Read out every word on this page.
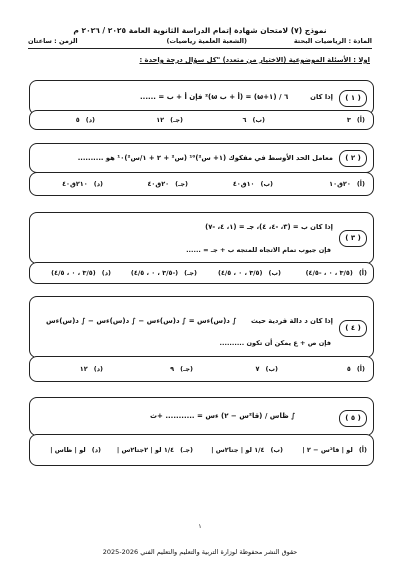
نموذج (٧) لامتحان شهادة إتمام الدراسة الثانوية العامة ٢٠٢٥ / ٢٠٢٦ م
المادة : الرياضيات البحتة
(الشعبة العلمية رياضيات)
الزمن : ساعتان
اولا : الأسئلة الموضوعية (الاختيار من متعدد) "كل سؤال درجة واحدة :
( ١ )
إذا كان
٦ / (١+ω) = (أ + ب ω)² فإن أ + ب = ......
(أ)
٣
(ب)
٦
(جـ)
١٢
(د)
٥
( ٢ )
معامل الحد الأوسط في مفكوك (١+ س²)¹⁰ (س² + ٢ + ١/س²)¹٠ هو ..........
(أ)
٢٠ق١٠
(ب)
١٠ق٤٠
(جـ)
٢٠ق٤٠
(د)
٢١٠ق٤٠
( ٣ )
إذا كان ب = (٣، -٤، ٤)، جـ = (١، ٤، -٧)
فإن جيوب تمام الاتجاه للمتجه ب + جـ = ......
(أ)
(٣/٥ ، ٠ ، -٤/٥)
(ب)
(٣/٥ ، ٠ ، ٤/٥)
(جـ)
(-٣/٥ ، ٠ ، ٤/٥)
(د)
(٣/٥ ، ٠ ، ٤/٥)
( ٤ )
إذا كان د دالة فردية حيث
∫ د(س)ءس = ∫ د(س)ءس − ∫ د(س)ءس − ∫ د(س)ءس
فإن ص + ع يمكن أن تكون ..........
(أ)
٥
(ب)
٧
(جـ)
٩
(د)
١٢
( ٥ )
∫ ظاس / (قا²س − ٢) ءس = ........... +ث
(أ)
لو | قا²س − ٢ |
(ب)
١/٤ لو | جتا٢س |
(جـ)
١/٤ لو | ٢جتا٢س |
(د)
لو | ظاس |
١
حقوق النشر محفوظة لوزارة التربية والتعليم والتعليم الفني 2026-2025
